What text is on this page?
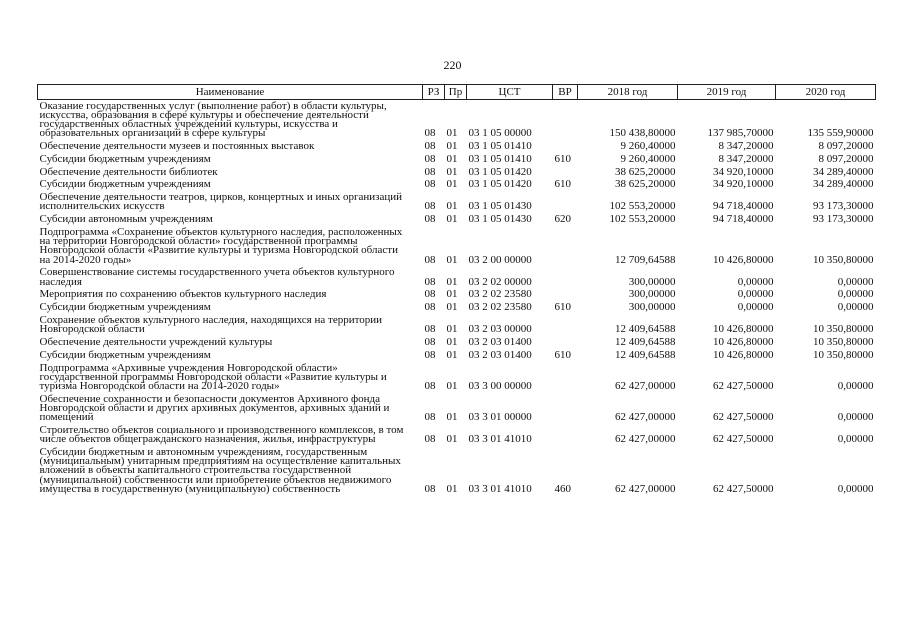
220
Наименование	РЗ	Пр	ЦСТ	ВР	2018 год	2019 год	2020 год
Оказание государственных услуг (выполнение работ) в области культуры, искусства, образования в сфере культуры и обеспечение деятельности государственных областных учреждений культуры, искусства и образовательных организаций в сфере культуры	08	01	03 1 05 00000		150 438,80000	137 985,70000	135 559,90000
Обеспечение деятельности музеев и постоянных выставок	08	01	03 1 05 01410		9 260,40000	8 347,20000	8 097,20000
Субсидии бюджетным учреждениям	08	01	03 1 05 01410	610	9 260,40000	8 347,20000	8 097,20000
Обеспечение деятельности библиотек	08	01	03 1 05 01420		38 625,20000	34 920,10000	34 289,40000
Субсидии бюджетным учреждениям	08	01	03 1 05 01420	610	38 625,20000	34 920,10000	34 289,40000
Обеспечение деятельности театров, цирков, концертных и иных организаций исполнительских искусств	08	01	03 1 05 01430		102 553,20000	94 718,40000	93 173,30000
Субсидии автономным учреждениям	08	01	03 1 05 01430	620	102 553,20000	94 718,40000	93 173,30000
Подпрограмма «Сохранение объектов культурного наследия, расположенных на территории Новгородской области» государственной программы Новгородской области «Развитие культуры и туризма Новгородской области на 2014-2020 годы»	08	01	03 2 00 00000		12 709,64588	10 426,80000	10 350,80000
Совершенствование системы государственного учета объектов культурного наследия	08	01	03 2 02 00000		300,00000	0,00000	0,00000
Мероприятия по сохранению объектов культурного наследия	08	01	03 2 02 23580		300,00000	0,00000	0,00000
Субсидии бюджетным учреждениям	08	01	03 2 02 23580	610	300,00000	0,00000	0,00000
Сохранение объектов культурного наследия, находящихся на территории Новгородской области	08	01	03 2 03 00000		12 409,64588	10 426,80000	10 350,80000
Обеспечение деятельности учреждений культуры	08	01	03 2 03 01400		12 409,64588	10 426,80000	10 350,80000
Субсидии бюджетным учреждениям	08	01	03 2 03 01400	610	12 409,64588	10 426,80000	10 350,80000
Подпрограмма «Архивные учреждения Новгородской области» государственной программы Новгородской области «Развитие культуры и туризма Новгородской области на 2014-2020 годы»	08	01	03 3 00 00000		62 427,00000	62 427,50000	0,00000
Обеспечение сохранности и безопасности документов Архивного фонда Новгородской области и других архивных документов, архивных зданий и помещений	08	01	03 3 01 00000		62 427,00000	62 427,50000	0,00000
Строительство объектов социального и производственного комплексов, в том числе объектов общегражданского назначения, жилья, инфраструктуры	08	01	03 3 01 41010		62 427,00000	62 427,50000	0,00000
Субсидии бюджетным и автономным учреждениям, государственным (муниципальным) унитарным предприятиям на осуществление капитальных вложений в объекты капитального строительства государственной (муниципальной) собственности или приобретение объектов недвижимого имущества в государственную (муниципальную) собственность	08	01	03 3 01 41010	460	62 427,00000	62 427,50000	0,00000
